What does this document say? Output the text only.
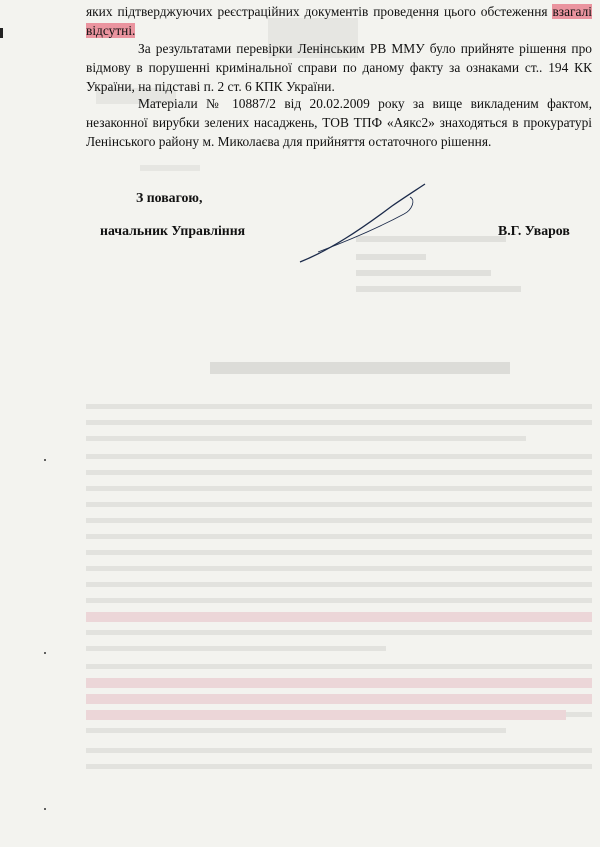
яких підтверджуючих реєстраційних документів проведення цього обстеження взагалі відсутні.

За результатами перевірки Ленінським РВ ММУ було прийняте рішення про відмову в порушенні кримінальної справи по даному факту за ознаками ст.. 194 КК України, на підставі п. 2 ст. 6 КПК України.

Матеріали № 10887/2 від 20.02.2009 року за вище викладеним фактом, незаконної вирубки зелених насаджень, ТОВ ТПФ «Аякс2» знаходяться в прокуратурі Ленінського району м. Миколаєва для прийняття остаточного рішення.

З повагою,
начальник Управління	В.Г. Уваров
